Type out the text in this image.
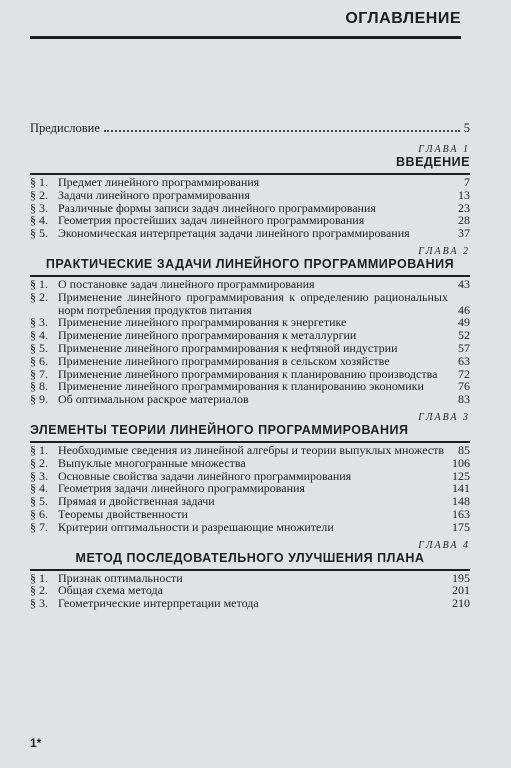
ОГЛАВЛЕНИЕ
Предисловие	5
ГЛАВА 1
ВВЕДЕНИЕ
§ 1. Предмет линейного программирования	7
§ 2. Задачи линейного программирования	13
§ 3. Различные формы записи задач линейного программирования	23
§ 4. Геометрия простейших задач линейного программирования	28
§ 5. Экономическая интерпретация задачи линейного программирования	37
ГЛАВА 2
ПРАКТИЧЕСКИЕ ЗАДАЧИ ЛИНЕЙНОГО ПРОГРАММИРОВАНИЯ
§ 1. О постановке задач линейного программирования	43
§ 2. Применение линейного программирования к определению рациональных норм потребления продуктов питания	46
§ 3. Применение линейного программирования к энергетике	49
§ 4. Применение линейного программирования к металлургии	52
§ 5. Применение линейного программирования к нефтяной индустрии	57
§ 6. Применение линейного программирования в сельском хозяйстве	63
§ 7. Применение линейного программирования к планированию производства	72
§ 8. Применение линейного программирования к планированию экономики	76
§ 9. Об оптимальном раскрое материалов	83
ГЛАВА 3
ЭЛЕМЕНТЫ ТЕОРИИ ЛИНЕЙНОГО ПРОГРАММИРОВАНИЯ
§ 1. Необходимые сведения из линейной алгебры и теории выпуклых множеств	85
§ 2. Выпуклые многогранные множества	106
§ 3. Основные свойства задачи линейного программирования	125
§ 4. Геометрия задачи линейного программирования	141
§ 5. Прямая и двойственная задачи	148
§ 6. Теоремы двойственности	163
§ 7. Критерии оптимальности и разрешающие множители	175
ГЛАВА 4
МЕТОД ПОСЛЕДОВАТЕЛЬНОГО УЛУЧШЕНИЯ ПЛАНА
§ 1. Признак оптимальности	195
§ 2. Общая схема метода	201
§ 3. Геометрические интерпретации метода	210
1*
